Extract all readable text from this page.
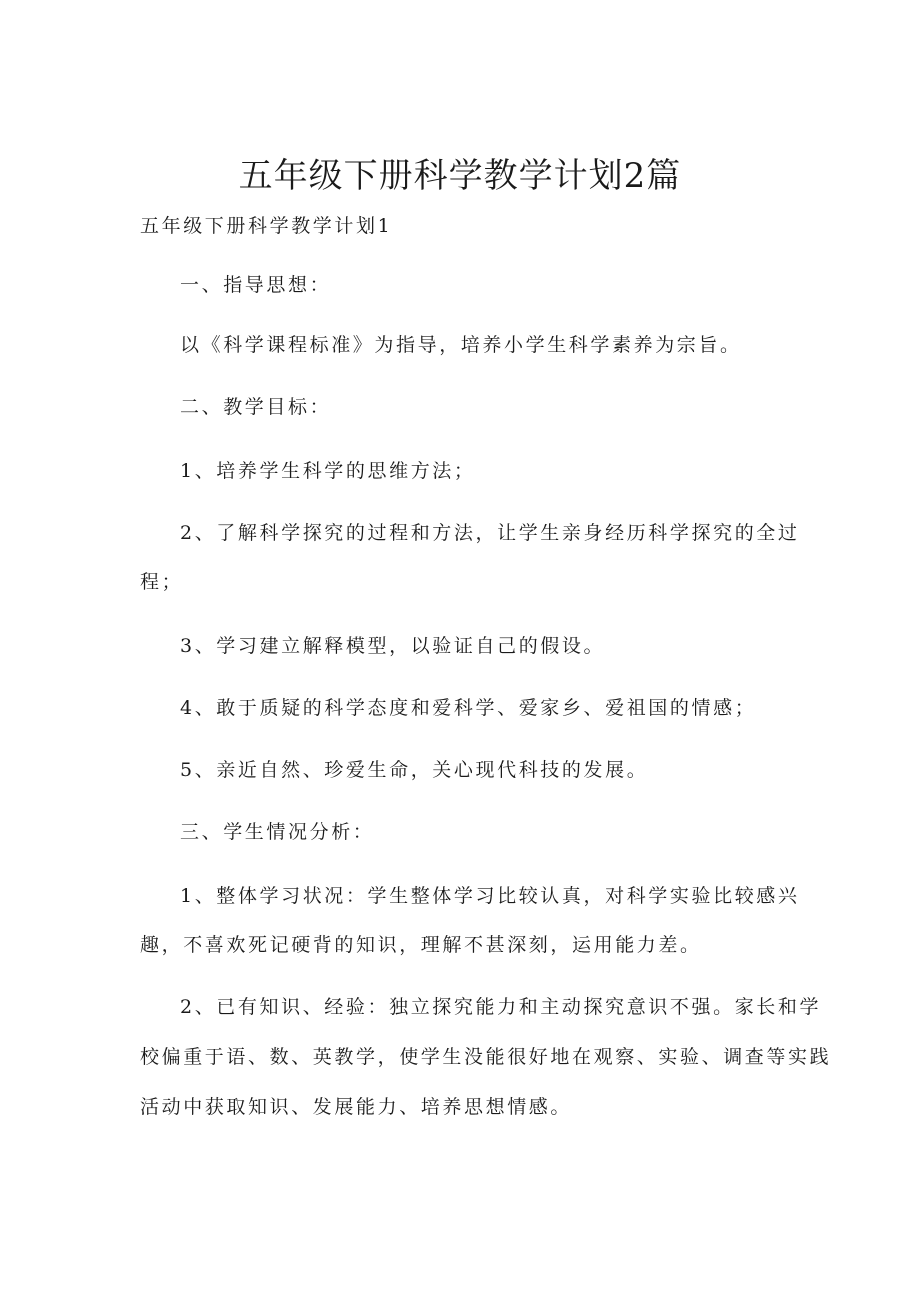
五年级下册科学教学计划2篇

五年级下册科学教学计划1

一、指导思想：

以《科学课程标准》为指导，培养小学生科学素养为宗旨。

二、教学目标：

1、培养学生科学的思维方法；

2、了解科学探究的过程和方法，让学生亲身经历科学探究的全过

程；

3、学习建立解释模型，以验证自己的假设。

4、敢于质疑的科学态度和爱科学、爱家乡、爱祖国的情感；

5、亲近自然、珍爱生命，关心现代科技的发展。

三、学生情况分析：

1、整体学习状况：学生整体学习比较认真，对科学实验比较感兴

趣，不喜欢死记硬背的知识，理解不甚深刻，运用能力差。

2、已有知识、经验：独立探究能力和主动探究意识不强。家长和学

校偏重于语、数、英教学，使学生没能很好地在观察、实验、调查等实践

活动中获取知识、发展能力、培养思想情感。
